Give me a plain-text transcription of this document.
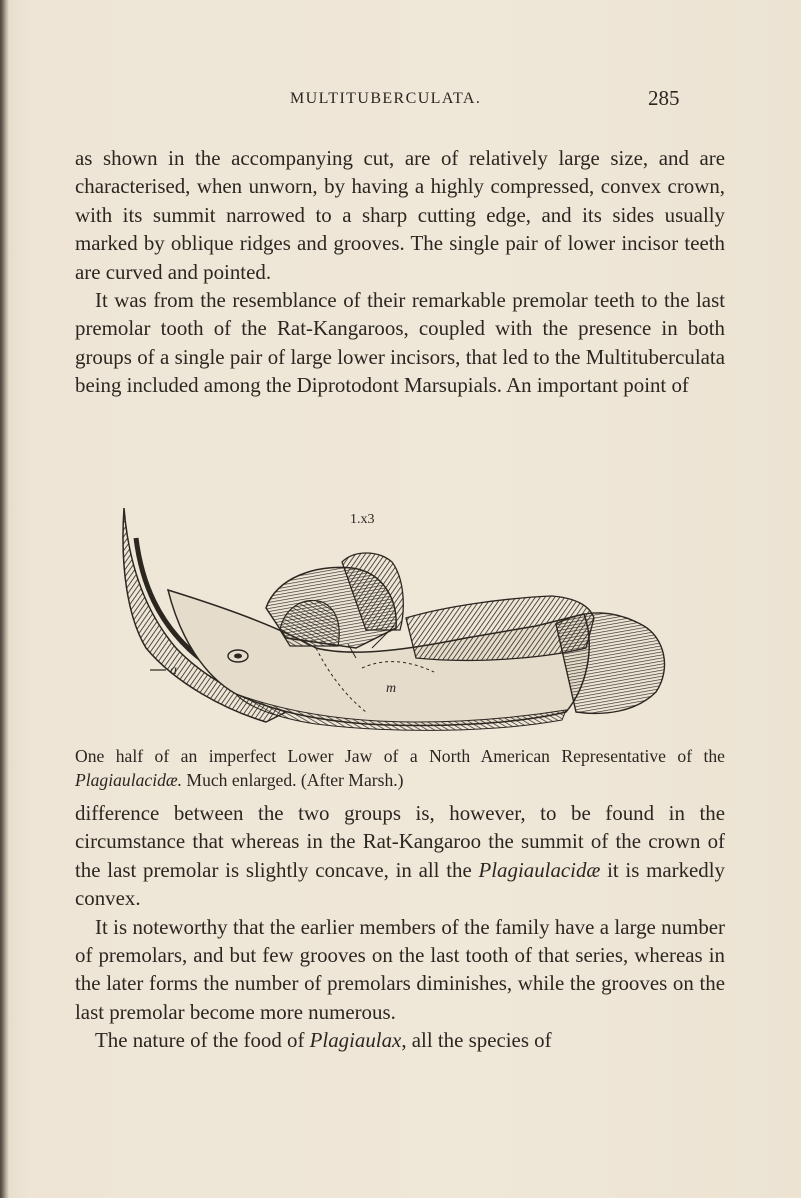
MULTITUBERCULATA.	285

as shown in the accompanying cut, are of relatively large size, and are characterised, when unworn, by having a highly compressed, convex crown, with its summit narrowed to a sharp cutting edge, and its sides usually marked by oblique ridges and grooves. The single pair of lower incisor teeth are curved and pointed.

It was from the resemblance of their remarkable premolar teeth to the last premolar tooth of the Rat-Kangaroos, coupled with the presence in both groups of a single pair of large lower incisors, that led to the Multituberculata being included among the Diprotodont Marsupials. An important point of

1.x3
a
m
One half of an imperfect Lower Jaw of a North American Representative of the Plagiaulacidæ. Much enlarged. (After Marsh.)

difference between the two groups is, however, to be found in the circumstance that whereas in the Rat-Kangaroo the summit of the crown of the last premolar is slightly concave, in all the Plagiaulacidæ it is markedly convex.

It is noteworthy that the earlier members of the family have a large number of premolars, and but few grooves on the last tooth of that series, whereas in the later forms the number of premolars diminishes, while the grooves on the last premolar become more numerous.

The nature of the food of Plagiaulax, all the species of
